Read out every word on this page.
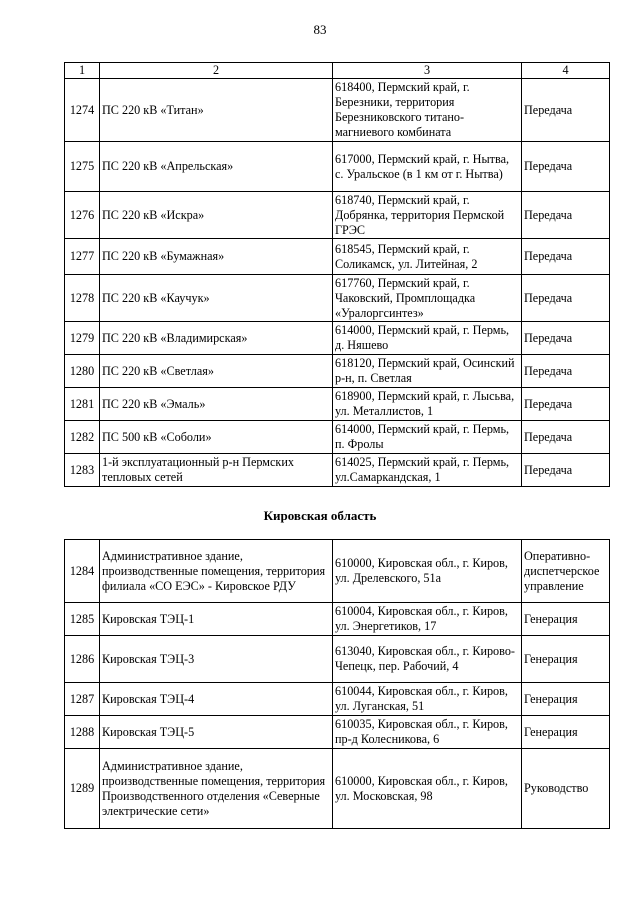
83
1	2	3	4
1274	ПС 220 кВ «Титан»	618400, Пермский край, г. Березники, территория Березниковского титано-магниевого комбината	Передача
1275	ПС 220 кВ «Апрельская»	617000, Пермский край, г. Нытва, с. Уральское (в 1 км от г. Нытва)	Передача
1276	ПС 220 кВ «Искра»	618740, Пермский край, г. Добрянка, территория Пермской ГРЭС	Передача
1277	ПС 220 кВ «Бумажная»	618545, Пермский край, г. Соликамск, ул. Литейная, 2	Передача
1278	ПС 220 кВ «Каучук»	617760, Пермский край, г. Чаковский, Промплощадка «Уралоргсинтез»	Передача
1279	ПС 220 кВ «Владимирская»	614000, Пермский край, г. Пермь, д. Няшево	Передача
1280	ПС 220 кВ «Светлая»	618120, Пермский край, Осинский р-н, п. Светлая	Передача
1281	ПС 220 кВ «Эмаль»	618900, Пермский край, г. Лысьва, ул. Металлистов, 1	Передача
1282	ПС 500 кВ «Соболи»	614000, Пермский край, г. Пермь, п. Фролы	Передача
1283	1-й эксплуатационный р-н Пермских тепловых сетей	614025, Пермский край, г. Пермь, ул.Самаркандская, 1	Передача
Кировская область
1284	Административное здание, производственные помещения, территория филиала «СО ЕЭС» - Кировское РДУ	610000, Кировская обл., г. Киров, ул. Дрелевского, 51а	Оперативно-диспетчерское управление
1285	Кировская ТЭЦ-1	610004, Кировская обл., г. Киров, ул. Энергетиков, 17	Генерация
1286	Кировская ТЭЦ-3	613040, Кировская обл., г. Кирово-Чепецк, пер. Рабочий, 4	Генерация
1287	Кировская ТЭЦ-4	610044, Кировская обл., г. Киров, ул. Луганская, 51	Генерация
1288	Кировская ТЭЦ-5	610035, Кировская обл., г. Киров, пр-д Колесникова, 6	Генерация
1289	Административное здание, производственные помещения, территория Производственного отделения «Северные электрические сети»	610000, Кировская обл., г. Киров, ул. Московская, 98	Руководство
